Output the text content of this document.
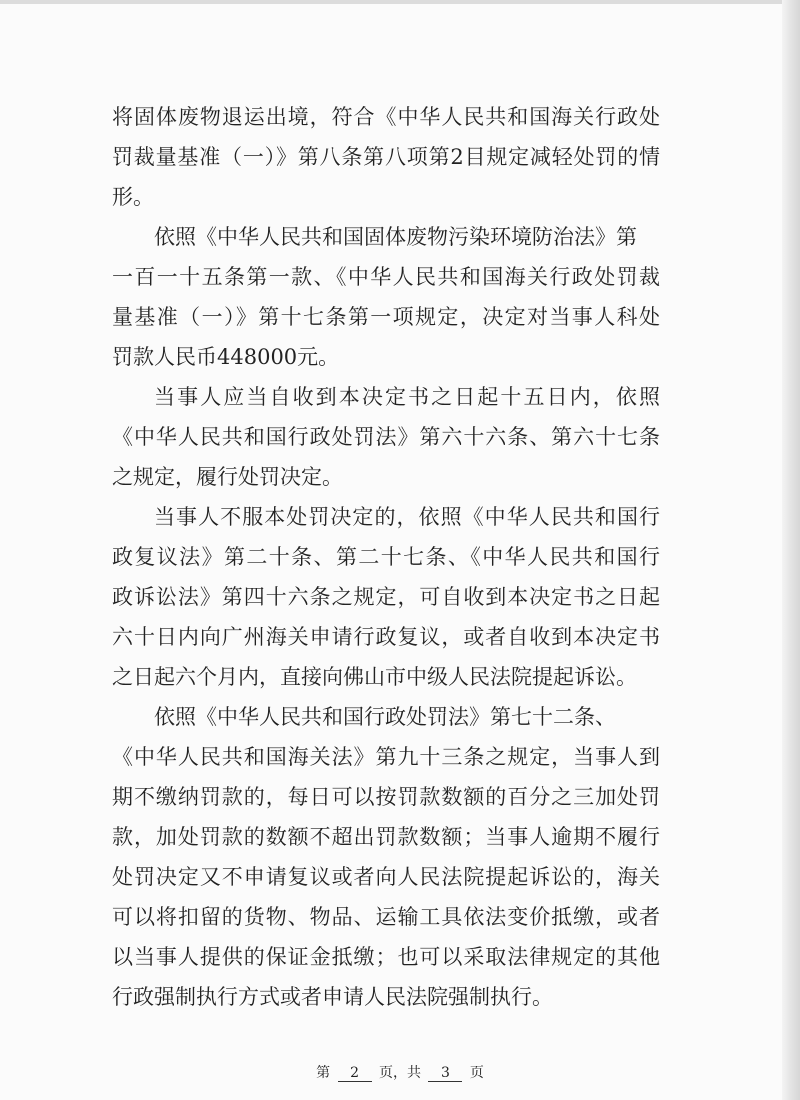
将固体废物退运出境，符合《中华人民共和国海关行政处
罚裁量基准（一）》第八条第八项第2目规定减轻处罚的情
形。
依照《中华人民共和国固体废物污染环境防治法》第
一百一十五条第一款、《中华人民共和国海关行政处罚裁
量基准（一）》第十七条第一项规定，决定对当事人科处
罚款人民币448000元。
当事人应当自收到本决定书之日起十五日内，依照
《中华人民共和国行政处罚法》第六十六条、第六十七条
之规定，履行处罚决定。
当事人不服本处罚决定的，依照《中华人民共和国行
政复议法》第二十条、第二十七条、《中华人民共和国行
政诉讼法》第四十六条之规定，可自收到本决定书之日起
六十日内向广州海关申请行政复议，或者自收到本决定书
之日起六个月内，直接向佛山市中级人民法院提起诉讼。
依照《中华人民共和国行政处罚法》第七十二条、
《中华人民共和国海关法》第九十三条之规定，当事人到
期不缴纳罚款的，每日可以按罚款数额的百分之三加处罚
款，加处罚款的数额不超出罚款数额；当事人逾期不履行
处罚决定又不申请复议或者向人民法院提起诉讼的，海关
可以将扣留的货物、物品、运输工具依法变价抵缴，或者
以当事人提供的保证金抵缴；也可以采取法律规定的其他
行政强制执行方式或者申请人民法院强制执行。
第 2 页，共 3 页
